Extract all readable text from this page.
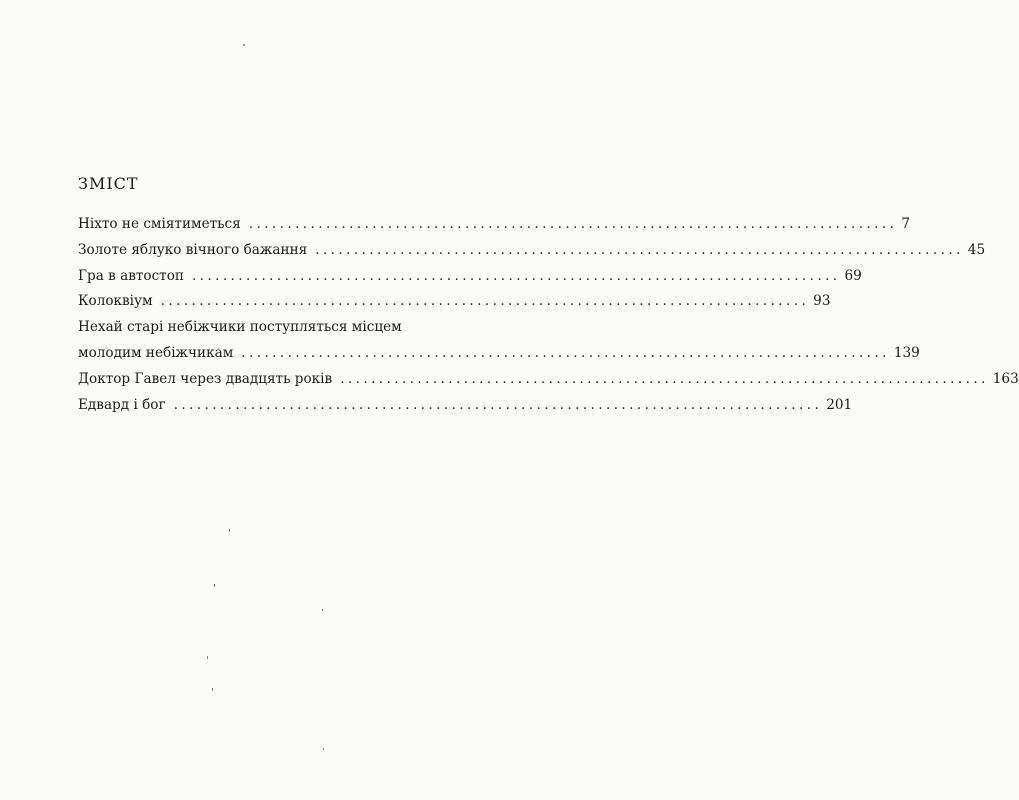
ЗМІСТ
Ніхто не сміятиметься .................................................................................... 7
Золоте яблуко вічного бажання .................................................................................... 45
Гра в автостоп .................................................................................... 69
Колоквіум .................................................................................... 93
Нехай старі небіжчики поступляться місцем
молодим небіжчикам .................................................................................... 139
Доктор Гавел через двадцять років .................................................................................... 163
Едвард і бог .................................................................................... 201
